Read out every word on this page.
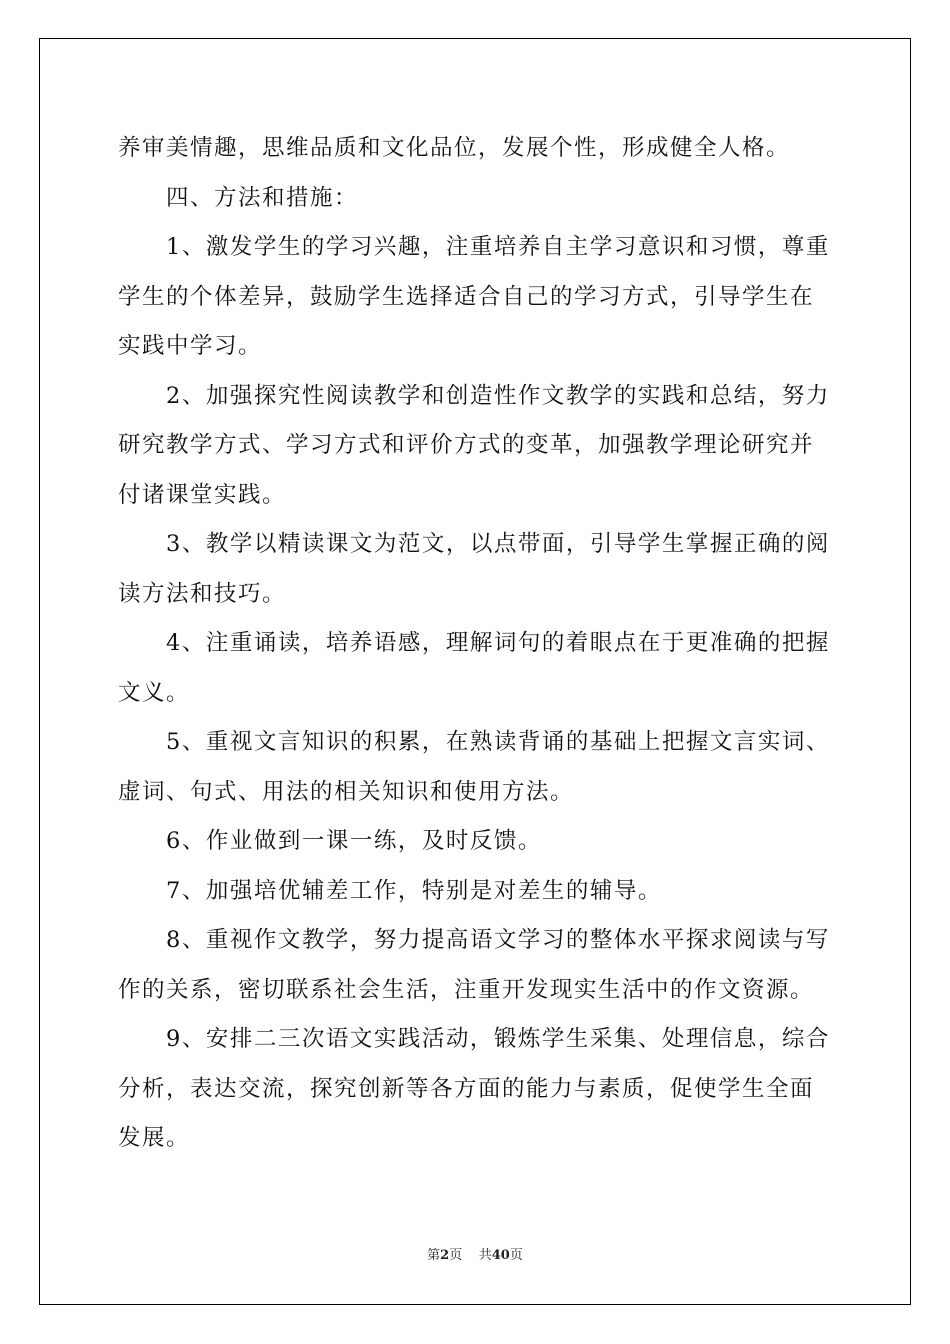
养审美情趣，思维品质和文化品位，发展个性，形成健全人格。

四、方法和措施：

1、激发学生的学习兴趣，注重培养自主学习意识和习惯，尊重学生的个体差异，鼓励学生选择适合自己的学习方式，引导学生在实践中学习。

2、加强探究性阅读教学和创造性作文教学的实践和总结，努力研究教学方式、学习方式和评价方式的变革，加强教学理论研究并付诸课堂实践。

3、教学以精读课文为范文，以点带面，引导学生掌握正确的阅读方法和技巧。

4、注重诵读，培养语感，理解词句的着眼点在于更准确的把握文义。

5、重视文言知识的积累，在熟读背诵的基础上把握文言实词、虚词、句式、用法的相关知识和使用方法。

6、作业做到一课一练，及时反馈。

7、加强培优辅差工作，特别是对差生的辅导。

8、重视作文教学，努力提高语文学习的整体水平探求阅读与写作的关系，密切联系社会生活，注重开发现实生活中的作文资源。

9、安排二三次语文实践活动，锻炼学生采集、处理信息，综合分析，表达交流，探究创新等各方面的能力与素质，促使学生全面发展。

第2页 共40页
